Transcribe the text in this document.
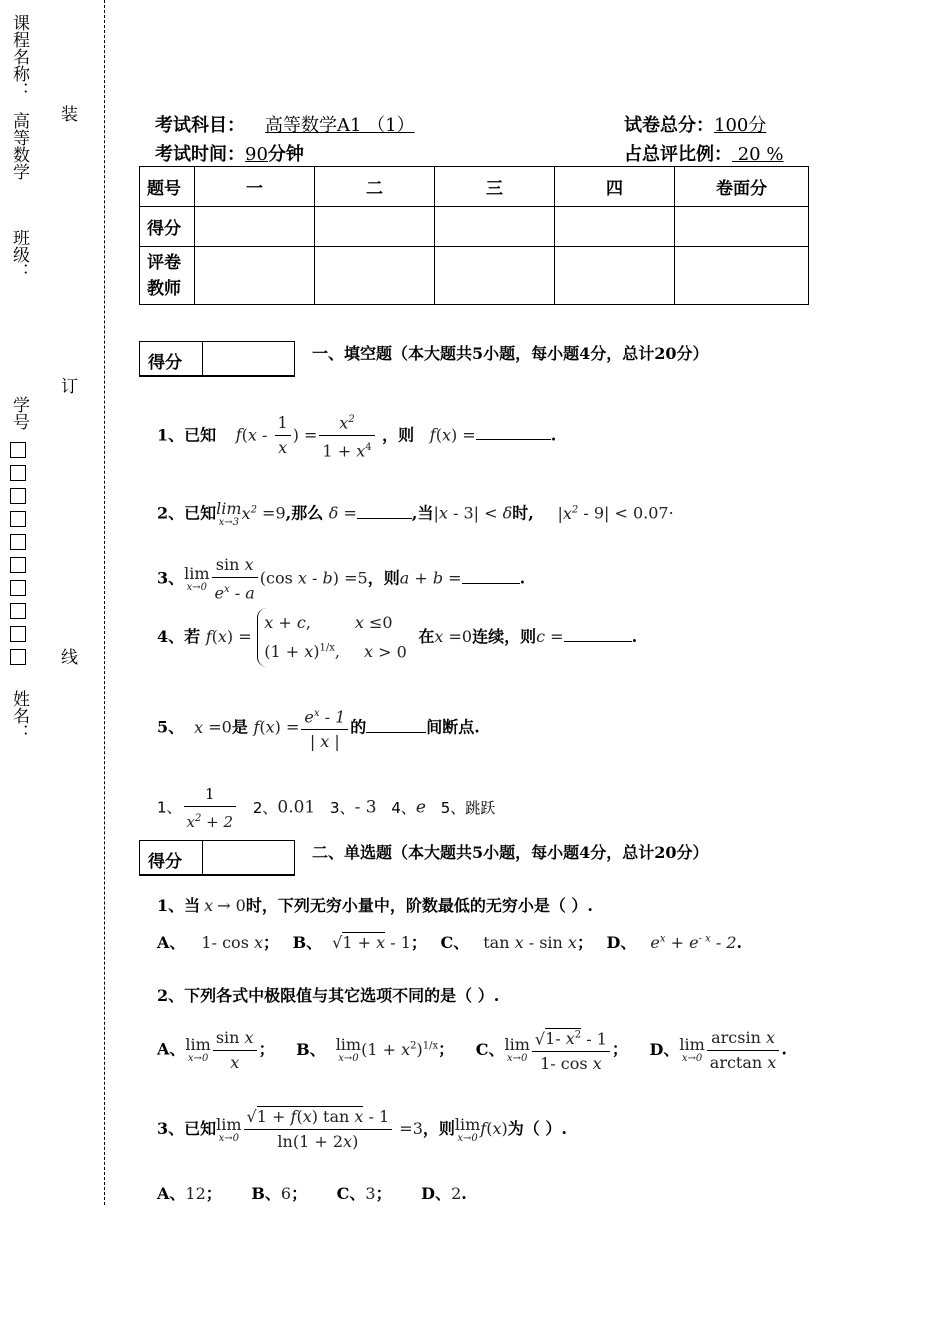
课程名称：
高等数学
班级：
学号
姓名：
装
订
线
考试科目： 高等数学A1 （1）	试卷总分：100分
考试时间：90分钟	占总评比例： 20 %
题号	一	二	三	四	卷面分
得分					
评卷
教师					
得分	一、填空题（本大题共5小题，每小题4分，总计20分）
1、已知 $f(x - \frac{1}{x}$ ) = $\frac{x^2}{1 + x^4}$ ，则 f(x) =	.
2、已知lim
x→3 $x^2 =9$,那么 δ =	,当|x - 3| < δ时, $|x^2 - 9| < 0.07\cdot$
3、lim
$x\to 0 \frac{\text{sin x}}{e^x - a} (\cos$ x - b) =5，则a + b =	.
4、若 f(x) = x + c,	x ≤0
$(1 + x)^{1/x}$, x > 0 在x =0连续，则c =	.
5、 x =0是 $f(x) = \frac{e^x - 1}{| x |}$ 的	间断点.
1、 $\frac{1}{x^2 + 2} 2$、0.01 3、- 3 4、e 5、跳跃
得分	二、单选题（本大题共5小题，每小题4分，总计20分）
1、当 x → 0时，下列无穷小量中，阶数最低的无穷小是（ ）.
A、 1- cos x； B、 √1 + x - 1； C、 tan x - sin x； D、 $e^x + e^{- x} - 2$.
2、下列各式中极限值与其它选项不同的是（ ）.
A、lim
$x\to 0 \frac{\text{sin x}}{x}$ ； B、 lim
x→0 $(1 + x^2)^{1/x}$； C、lim
$x\to 0 \frac{√1- x^2 - 1}{\text{1- cos x}}$ ； D、lim
$x\to 0 \frac{\text{arcsin x}}{\text{arctan x}}$ .
3、已知lim
$x\to 0 \frac{\text{√1 + f(x) tan x - 1}}{\ln(1 + 2x)} =3$，则lim
x→0 f(x)为（ ）.
A、12； B、6； C、3； D、2.
